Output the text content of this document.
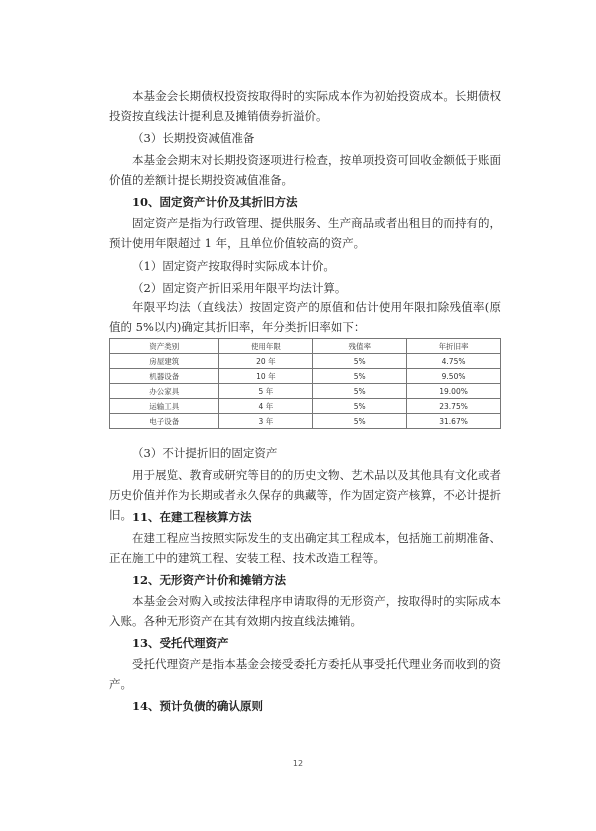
本基金会长期债权投资按取得时的实际成本作为初始投资成本。长期债权投资按直线法计提利息及摊销债券折溢价。

（3）长期投资减值准备

本基金会期末对长期投资逐项进行检查，按单项投资可回收金额低于账面价值的差额计提长期投资减值准备。

10、固定资产计价及其折旧方法

固定资产是指为行政管理、提供服务、生产商品或者出租目的而持有的，预计使用年限超过 1 年，且单位价值较高的资产。

（1）固定资产按取得时实际成本计价。
（2）固定资产折旧采用年限平均法计算。

年限平均法（直线法）按固定资产的原值和估计使用年限扣除残值率(原值的 5%以内)确定其折旧率，年分类折旧率如下：

资产类别	使用年限	残值率	年折旧率
房屋建筑	20 年	5%	4.75%
机器设备	10 年	5%	9.50%
办公家具	5 年	5%	19.00%
运输工具	4 年	5%	23.75%
电子设备	3 年	5%	31.67%
（3）不计提折旧的固定资产

用于展览、教育或研究等目的的历史文物、艺术品以及其他具有文化或者历史价值并作为长期或者永久保存的典藏等，作为固定资产核算，不必计提折旧。 11、在建工程核算方法

在建工程应当按照实际发生的支出确定其工程成本，包括施工前期准备、正在施工中的建筑工程、安装工程、技术改造工程等。

12、无形资产计价和摊销方法

本基金会对购入或按法律程序申请取得的无形资产，按取得时的实际成本入账。各种无形资产在其有效期内按直线法摊销。

13、受托代理资产

受托代理资产是指本基金会接受委托方委托从事受托代理业务而收到的资产。

14、预计负债的确认原则
12
